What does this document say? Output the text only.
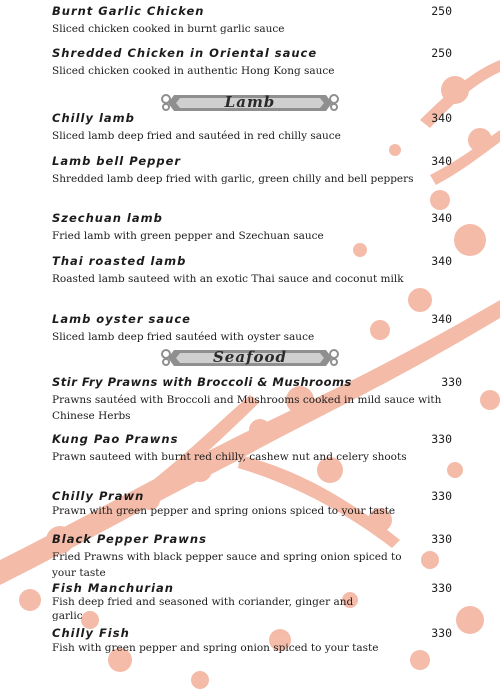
Burnt Garlic Chicken	250
Sliced chicken cooked in burnt garlic sauce
Shredded Chicken in Oriental sauce	250
Sliced chicken cooked in authentic Hong Kong sauce
Lamb
Chilly lamb	340
Sliced lamb deep fried and sautéed in red chilly sauce
Lamb bell Pepper	340
Shredded lamb deep fried with garlic, green chilly and bell peppers
Szechuan lamb	340
Fried lamb with green pepper and Szechuan sauce
Thai roasted lamb	340
Roasted lamb sauteed with an exotic Thai sauce and coconut milk
Lamb oyster sauce	340
Sliced lamb deep fried sautéed with oyster sauce
Seafood
Stir Fry Prawns with Broccoli & Mushrooms	330
Prawns sautéed with Broccoli and Mushrooms cooked in mild sauce with Chinese Herbs
Kung Pao Prawns	330
Prawn sauteed with burnt red chilly, cashew nut and celery shoots
Chilly Prawn	330
Prawn with green pepper and spring onions spiced to your taste
Black Pepper Prawns	330
Fried Prawns with black pepper sauce and spring onion spiced to your taste
Fish Manchurian	330
Fish deep fried and seasoned with coriander, ginger and garlic
Chilly Fish	330
Fish with green pepper and spring onion spiced to your taste
